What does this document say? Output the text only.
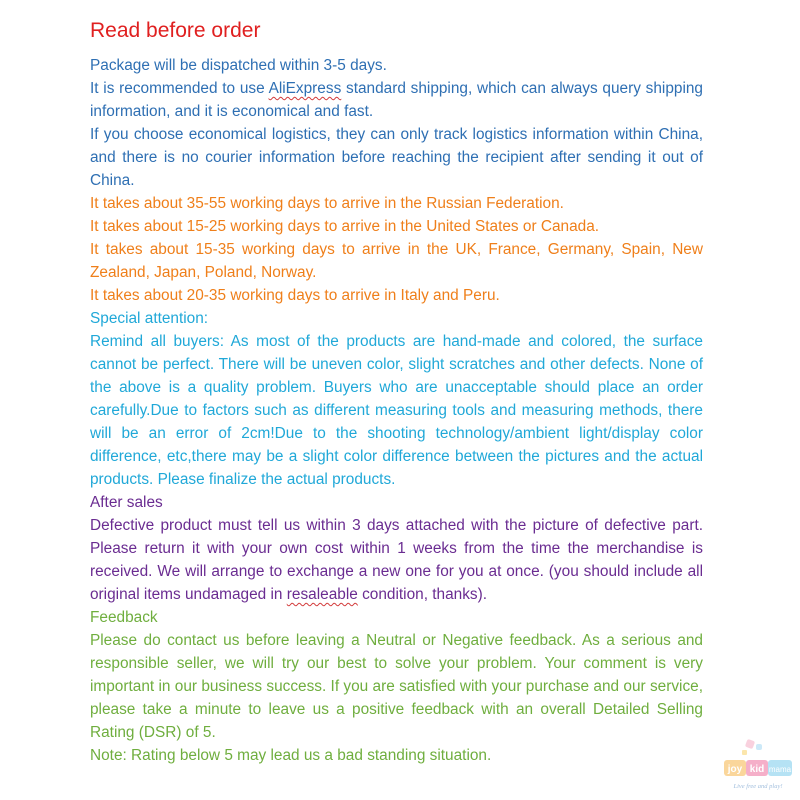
Read before order

Package will be dispatched within 3-5 days.

It is recommended to use AliExpress standard shipping, which can always query shipping information, and it is economical and fast.

If you choose economical logistics, they can only track logistics information within China, and there is no courier information before reaching the recipient after sending it out of China.

It takes about 35-55 working days to arrive in the Russian Federation.

It takes about 15-25 working days to arrive in the United States or Canada.

It takes about 15-35 working days to arrive in the UK, France, Germany, Spain, New Zealand, Japan, Poland, Norway.

It takes about 20-35 working days to arrive in Italy and Peru.

Special attention:

Remind all buyers: As most of the products are hand-made and colored, the surface cannot be perfect. There will be uneven color, slight scratches and other defects. None of the above is a quality problem. Buyers who are unacceptable should place an order carefully.Due to factors such as different measuring tools and measuring methods, there will be an error of 2cm!Due to the shooting technology/ambient light/display color difference, etc,there may be a slight color difference between the pictures and the actual products. Please finalize the actual products.

After sales

Defective product must tell us within 3 days attached with the picture of defective part. Please return it with your own cost within 1 weeks from the time the merchandise is received. We will arrange to exchange a new one for you at once. (you should include all original items undamaged in resaleable condition, thanks).

Feedback

Please do contact us before leaving a Neutral or Negative feedback. As a serious and responsible seller, we will try our best to solve your problem. Your comment is very important in our business success. If you are satisfied with your purchase and our service, please take a minute to leave us a positive feedback with an overall Detailed Selling Rating (DSR) of 5.

Note: Rating below 5 may lead us a bad standing situation.

joy kid mama
Live free and play!
